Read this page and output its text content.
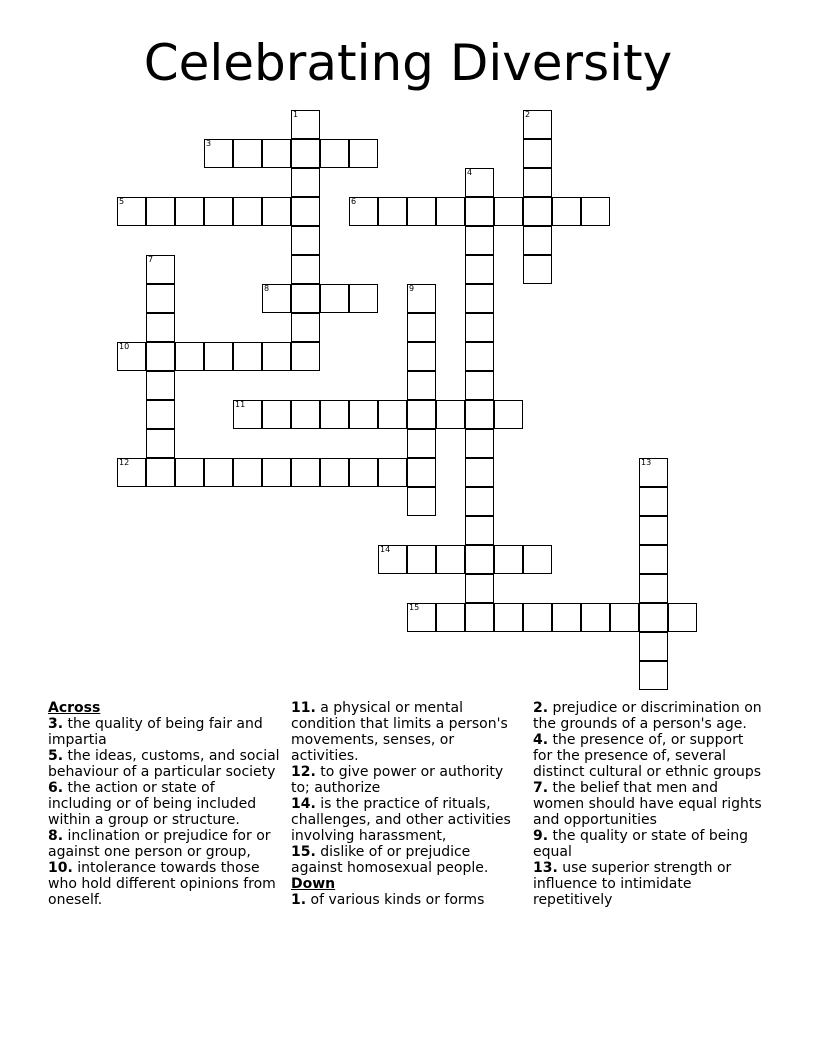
Celebrating Diversity
1	2
3
4
5	6
7
8	9
10
11
12	13
14
15
Across
3. the quality of being fair and impartia
5. the ideas, customs, and social behaviour of a particular society
6. the action or state of including or of being included within a group or structure.
8. inclination or prejudice for or against one person or group,
10. intolerance towards those who hold different opinions from oneself.
11. a physical or mental condition that limits a person's movements, senses, or activities.
12. to give power or authority to; authorize
14. is the practice of rituals, challenges, and other activities involving harassment,
15. dislike of or prejudice against homosexual people.
Down
1. of various kinds or forms
2. prejudice or discrimination on the grounds of a person's age.
4. the presence of, or support for the presence of, several distinct cultural or ethnic groups
7. the belief that men and women should have equal rights and opportunities
9. the quality or state of being equal
13. use superior strength or influence to intimidate repetitively
